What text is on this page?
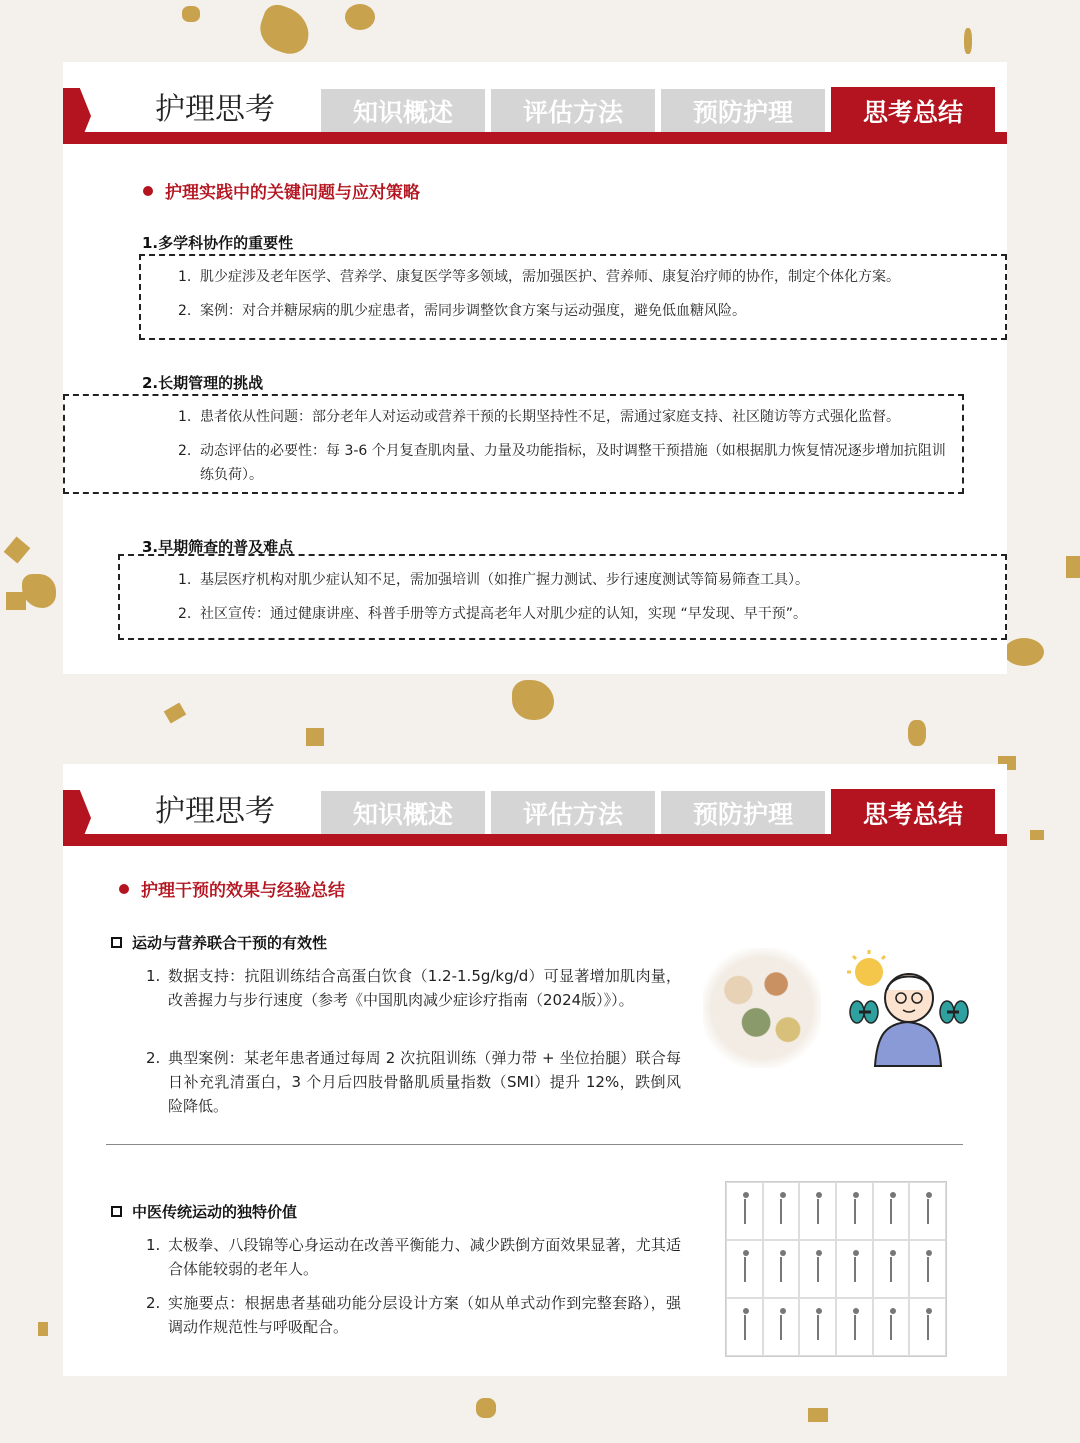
护理思考	知识概述	评估方法	预防护理	思考总结
护理实践中的关键问题与应对策略
1.多学科协作的重要性
1. 肌少症涉及老年医学、营养学、康复医学等多领域，需加强医护、营养师、康复治疗师的协作，制定个体化方案。
2. 案例：对合并糖尿病的肌少症患者，需同步调整饮食方案与运动强度，避免低血糖风险。
2.长期管理的挑战
1. 患者依从性问题：部分老年人对运动或营养干预的长期坚持性不足，需通过家庭支持、社区随访等方式强化监督。
2. 动态评估的必要性：每 3-6 个月复查肌肉量、力量及功能指标，及时调整干预措施（如根据肌力恢复情况逐步增加抗阻训练负荷）。
3.早期筛查的普及难点
1. 基层医疗机构对肌少症认知不足，需加强培训（如推广握力测试、步行速度测试等简易筛查工具）。
2. 社区宣传：通过健康讲座、科普手册等方式提高老年人对肌少症的认知，实现 “早发现、早干预”。
护理思考	知识概述	评估方法	预防护理	思考总结
护理干预的效果与经验总结
运动与营养联合干预的有效性
1. 数据支持：抗阻训练结合高蛋白饮食（1.2-1.5g/kg/d）可显著增加肌肉量，改善握力与步行速度（参考《中国肌肉减少症诊疗指南（2024版）》）。
2. 典型案例：某老年患者通过每周 2 次抗阻训练（弹力带 + 坐位抬腿）联合每日补充乳清蛋白，3 个月后四肢骨骼肌质量指数（SMI）提升 12%，跌倒风险降低。
中医传统运动的独特价值
1. 太极拳、八段锦等心身运动在改善平衡能力、减少跌倒方面效果显著，尤其适合体能较弱的老年人。
2. 实施要点：根据患者基础功能分层设计方案（如从单式动作到完整套路），强调动作规范性与呼吸配合。
